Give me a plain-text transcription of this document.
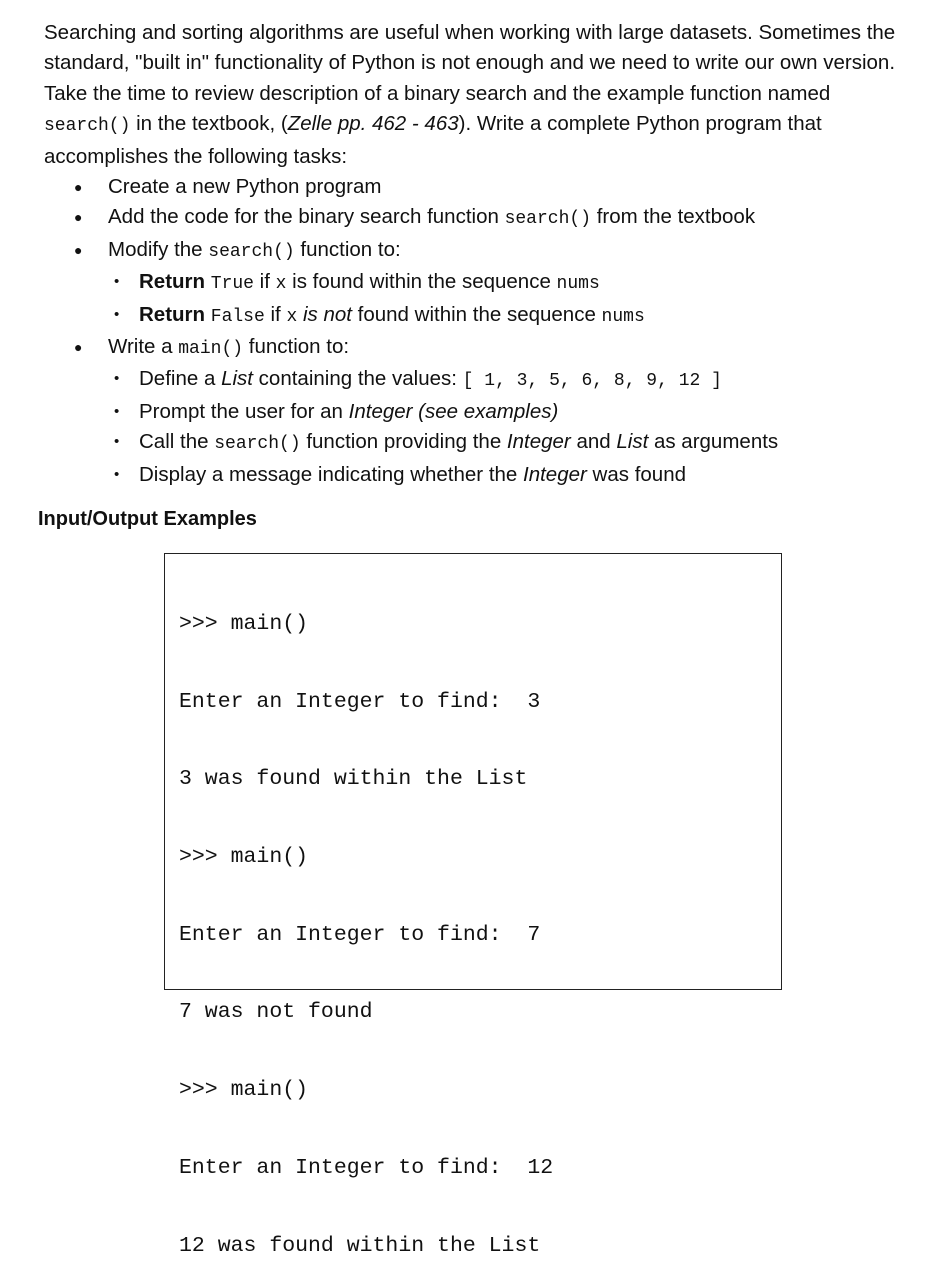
Searching and sorting algorithms are useful when working with large datasets. Sometimes the standard, "built in" functionality of Python is not enough and we need to write our own version. Take the time to review description of a binary search and the example function named search() in the textbook, (Zelle pp. 462 - 463). Write a complete Python program that accomplishes the following tasks:

● Create a new Python program
● Add the code for the binary search function search() from the textbook
● Modify the search() function to:
• Return True if x is found within the sequence nums
• Return False if x is not found within the sequence nums
● Write a main() function to:
• Define a List containing the values: [ 1, 3, 5, 6, 8, 9, 12 ]
• Prompt the user for an Integer (see examples)
• Call the search() function providing the Integer and List as arguments
• Display a message indicating whether the Integer was found
Input/Output Examples

>>> main()

Enter an Integer to find:  3

3 was found within the List

>>> main()

Enter an Integer to find:  7

7 was not found

>>> main()

Enter an Integer to find:  12

12 was found within the List
